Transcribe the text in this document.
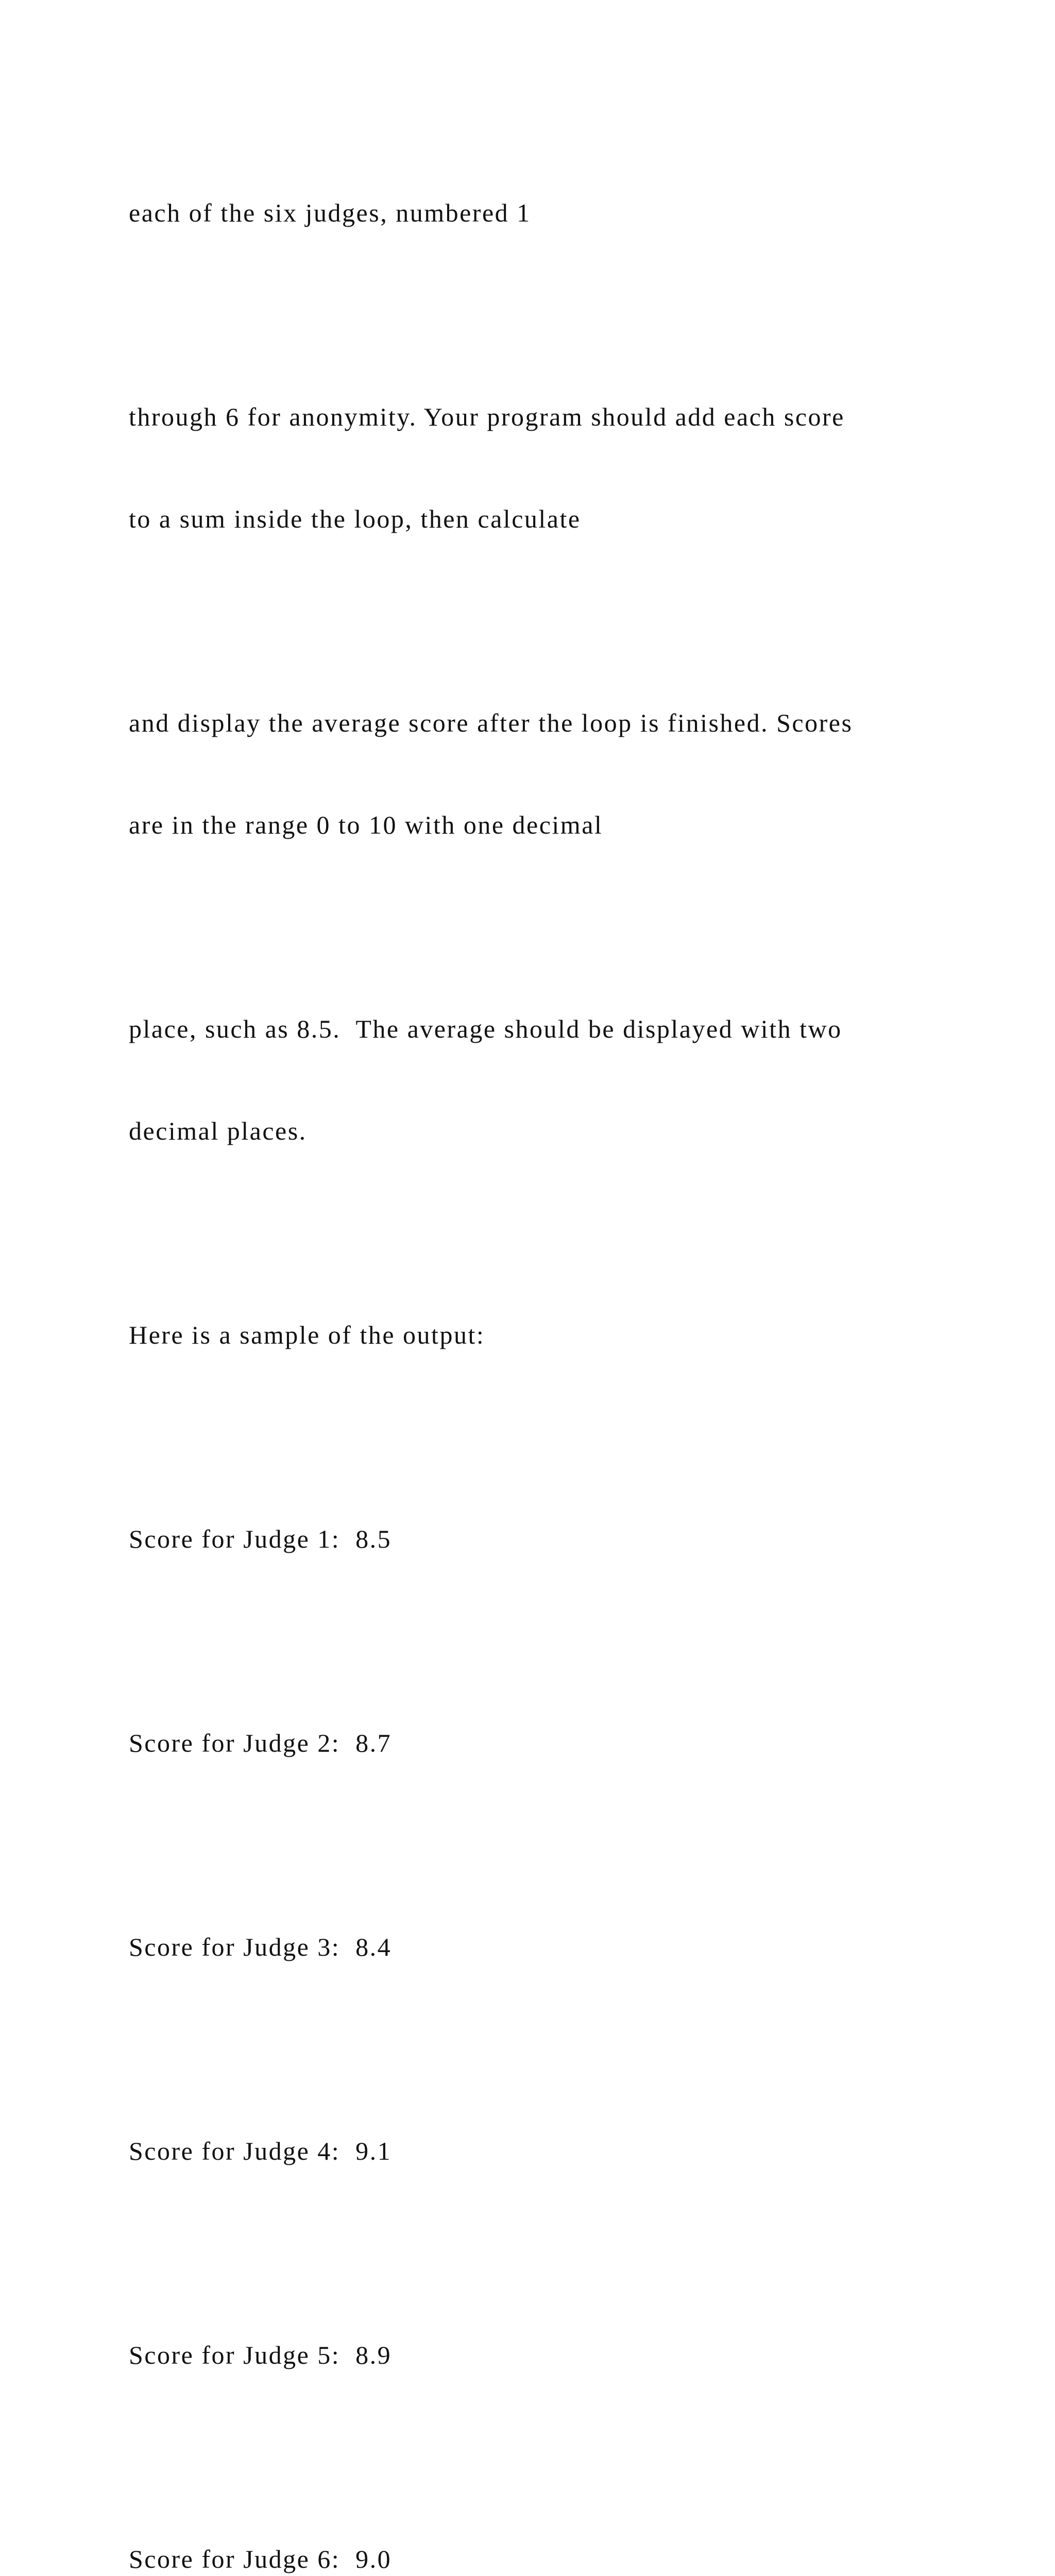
each of the six judges, numbered 1

through 6 for anonymity. Your program should add each score

to a sum inside the loop, then calculate

and display the average score after the loop is finished. Scores

are in the range 0 to 10 with one decimal

place, such as 8.5.  The average should be displayed with two

decimal places.

Here is a sample of the output:

Score for Judge 1:  8.5

Score for Judge 2:  8.7

Score for Judge 3:  8.4

Score for Judge 4:  9.1

Score for Judge 5:  8.9

Score for Judge 6:  9.0
